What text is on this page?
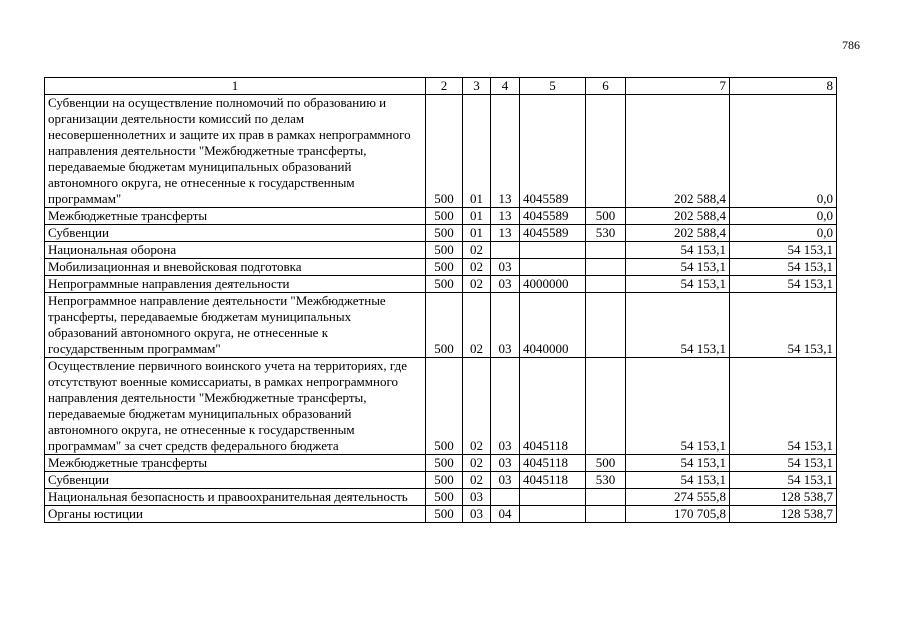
786
1	2	3	4	5	6	7	8
Субвенции на осуществление полномочий по образованию и организации деятельности комиссий по делам несовершеннолетних и защите их прав в рамках непрограммного направления деятельности "Межбюджетные трансферты, передаваемые бюджетам муниципальных образований автономного округа, не отнесенные к государственным программам"	500	01	13	4045589		202 588,4	0,0
Межбюджетные трансферты	500	01	13	4045589	500	202 588,4	0,0
Субвенции	500	01	13	4045589	530	202 588,4	0,0
Национальная оборона	500	02				54 153,1	54 153,1
Мобилизационная и вневойсковая подготовка	500	02	03			54 153,1	54 153,1
Непрограммные направления деятельности	500	02	03	4000000		54 153,1	54 153,1
Непрограммное направление деятельности "Межбюджетные трансферты, передаваемые бюджетам муниципальных образований автономного округа, не отнесенные к государственным программам"	500	02	03	4040000		54 153,1	54 153,1
Осуществление первичного воинского учета на территориях, где отсутствуют военные комиссариаты, в рамках непрограммного направления деятельности "Межбюджетные трансферты, передаваемые бюджетам муниципальных образований автономного округа, не отнесенные к государственным программам" за счет средств федерального бюджета	500	02	03	4045118		54 153,1	54 153,1
Межбюджетные трансферты	500	02	03	4045118	500	54 153,1	54 153,1
Субвенции	500	02	03	4045118	530	54 153,1	54 153,1
Национальная безопасность и правоохранительная деятельность	500	03				274 555,8	128 538,7
Органы юстиции	500	03	04			170 705,8	128 538,7
